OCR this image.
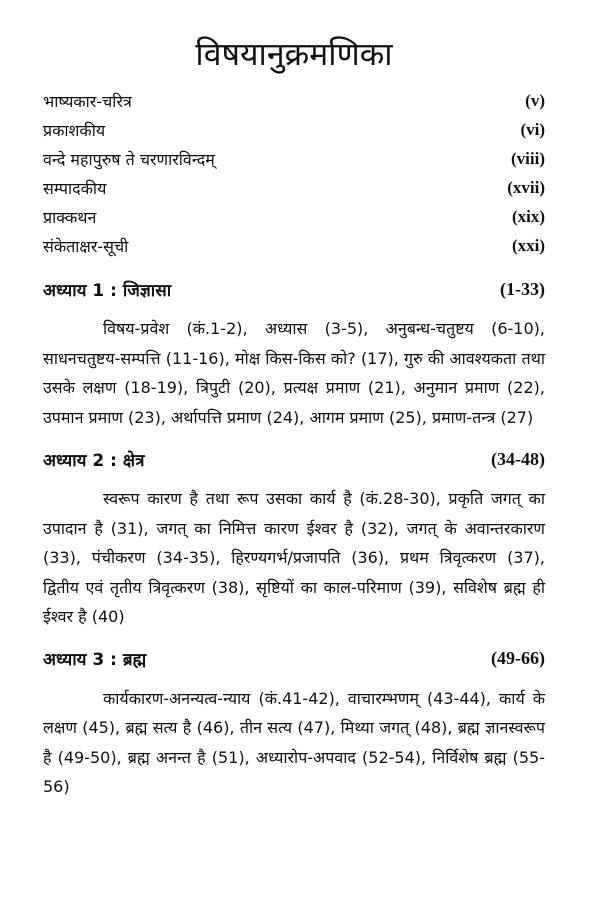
विषयानुक्रमणिका
भाष्यकार-चरित्र	(v)
प्रकाशकीय	(vi)
वन्दे महापुरुष ते चरणारविन्दम्	(viii)
सम्पादकीय	(xvii)
प्राक्कथन	(xix)
संकेताक्षर-सूची	(xxi)
अध्याय 1 : जिज्ञासा	(1-33)

विषय-प्रवेश (कं.1-2), अध्यास (3-5), अनुबन्ध-चतुष्टय (6-10), साधनचतुष्टय-सम्पत्ति (11-16), मोक्ष किस-किस को? (17), गुरु की आवश्यकता तथा उसके लक्षण (18-19), त्रिपुटी (20), प्रत्यक्ष प्रमाण (21), अनुमान प्रमाण (22), उपमान प्रमाण (23), अर्थापत्ति प्रमाण (24), आगम प्रमाण (25), प्रमाण-तन्त्र (27)

अध्याय 2 : क्षेत्र	(34-48)

स्वरूप कारण है तथा रूप उसका कार्य है (कं.28-30), प्रकृति जगत् का उपादान है (31), जगत् का निमित्त कारण ईश्वर है (32), जगत् के अवान्तरकारण (33), पंचीकरण (34-35), हिरण्यगर्भ/प्रजापति (36), प्रथम त्रिवृत्करण (37), द्वितीय एवं तृतीय त्रिवृत्करण (38), सृष्टियों का काल-परिमाण (39), सविशेष ब्रह्म ही ईश्वर है (40)

अध्याय 3 : ब्रह्म	(49-66)

कार्यकारण-अनन्यत्व-न्याय (कं.41-42), वाचारम्भणम् (43-44), कार्य के लक्षण (45), ब्रह्म सत्य है (46), तीन सत्य (47), मिथ्या जगत् (48), ब्रह्म ज्ञानस्वरूप है (49-50), ब्रह्म अनन्त है (51), अध्यारोप-अपवाद (52-54), निर्विशेष ब्रह्म (55-56)
